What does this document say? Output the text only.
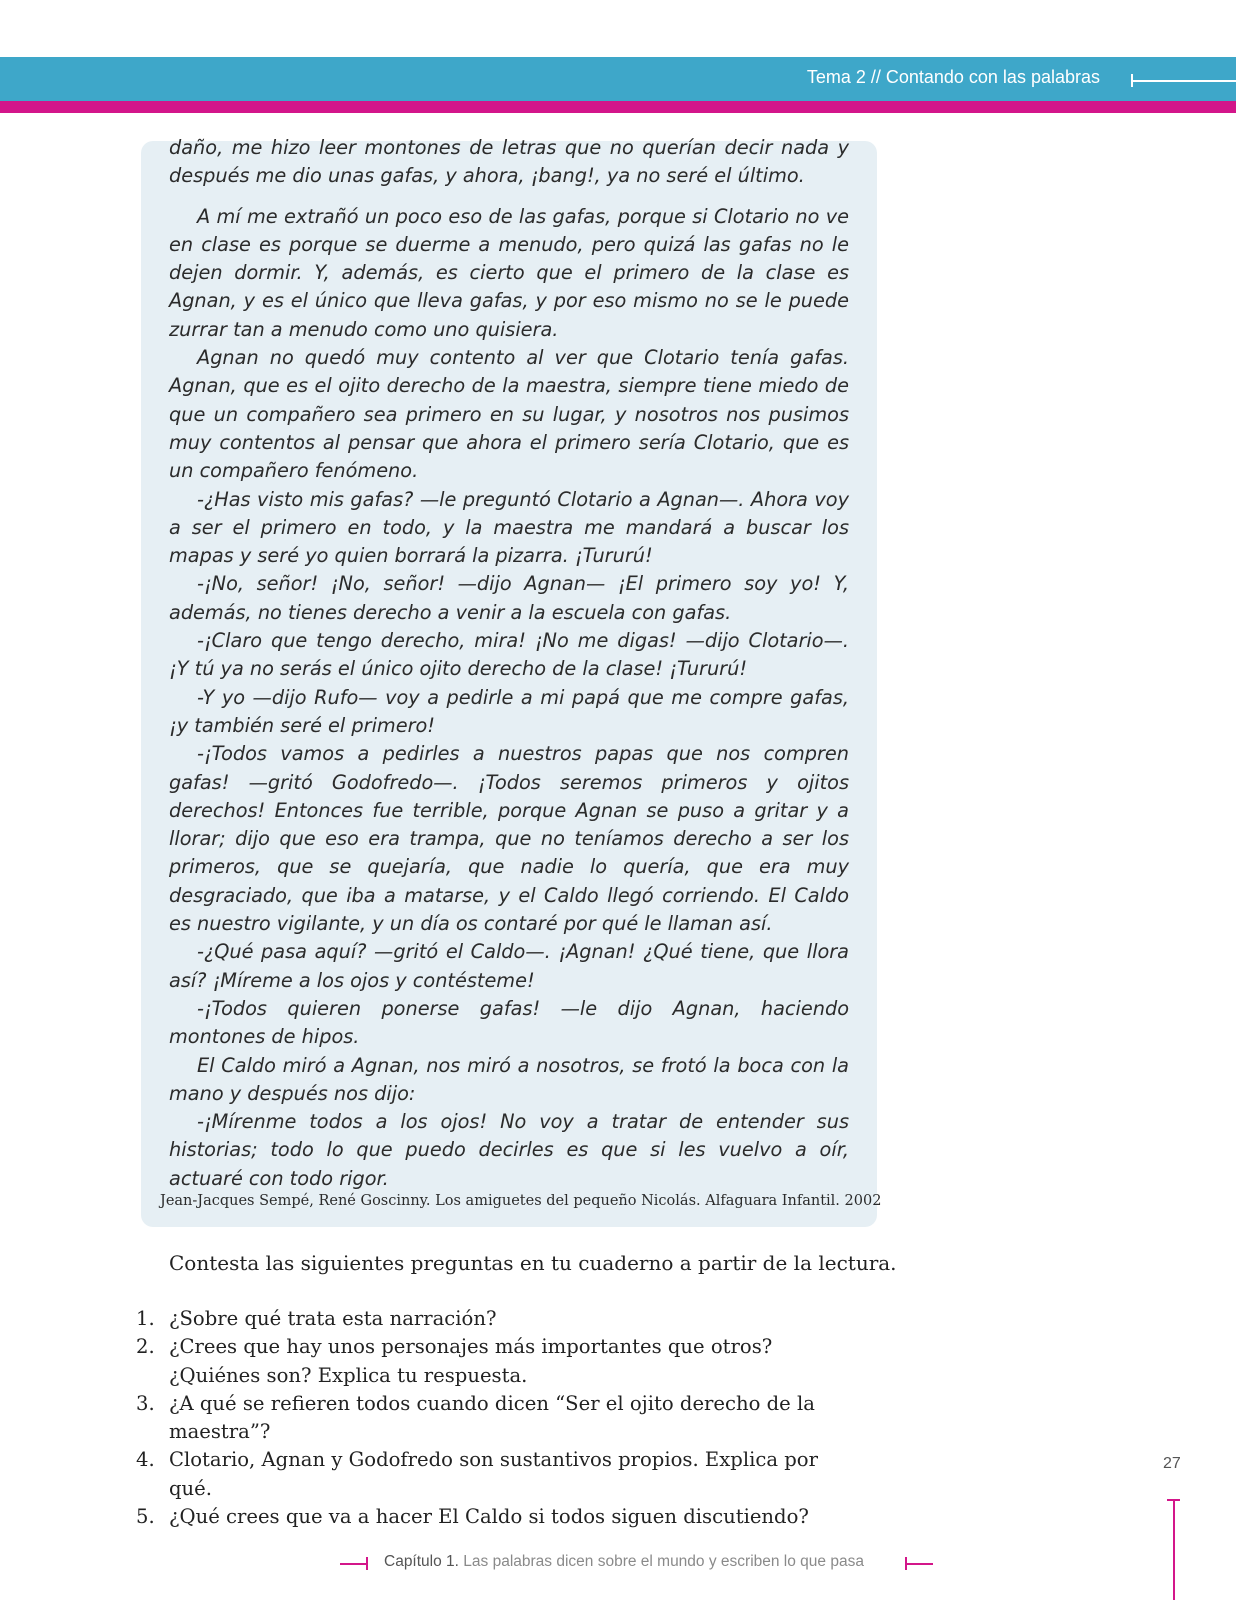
Tema 2 // Contando con las palabras

daño, me hizo leer montones de letras que no querían decir nada y después me dio unas gafas, y ahora, ¡bang!, ya no seré el último.

A mí me extrañó un poco eso de las gafas, porque si Clotario no ve en clase es porque se duerme a menudo, pero quizá las gafas no le dejen dormir. Y, además, es cierto que el primero de la clase es Agnan, y es el único que lleva gafas, y por eso mismo no se le puede zurrar tan a menudo como uno quisiera.

Agnan no quedó muy contento al ver que Clotario tenía gafas. Agnan, que es el ojito derecho de la maestra, siempre tiene miedo de que un compañero sea primero en su lugar, y nosotros nos pusimos muy contentos al pensar que ahora el primero sería Clotario, que es un compañero fenómeno.

-¿Has visto mis gafas? —le preguntó Clotario a Agnan—. Ahora voy a ser el primero en todo, y la maestra me mandará a buscar los mapas y seré yo quien borrará la pizarra. ¡Tururú!

-¡No, señor! ¡No, señor! —dijo Agnan— ¡El primero soy yo! Y, además, no tienes derecho a venir a la escuela con gafas.

-¡Claro que tengo derecho, mira! ¡No me digas! —dijo Clotario—. ¡Y tú ya no serás el único ojito derecho de la clase! ¡Tururú!

-Y yo —dijo Rufo— voy a pedirle a mi papá que me compre gafas, ¡y también seré el primero!

-¡Todos vamos a pedirles a nuestros papas que nos compren gafas! —gritó Godofredo—. ¡Todos seremos primeros y ojitos derechos! Entonces fue terrible, porque Agnan se puso a gritar y a llorar; dijo que eso era trampa, que no teníamos derecho a ser los primeros, que se quejaría, que nadie lo quería, que era muy desgraciado, que iba a matarse, y el Caldo llegó corriendo. El Caldo es nuestro vigilante, y un día os contaré por qué le llaman así.

-¿Qué pasa aquí? —gritó el Caldo—. ¡Agnan! ¿Qué tiene, que llora así? ¡Míreme a los ojos y contésteme!

-¡Todos quieren ponerse gafas! —le dijo Agnan, haciendo montones de hipos.

El Caldo miró a Agnan, nos miró a nosotros, se frotó la boca con la mano y después nos dijo:

-¡Mírenme todos a los ojos! No voy a tratar de entender sus historias; todo lo que puedo decirles es que si les vuelvo a oír, actuaré con todo rigor.

Jean-Jacques Sempé, René Goscinny. Los amiguetes del pequeño Nicolás. Alfaguara Infantil. 2002
Contesta las siguientes preguntas en tu cuaderno a partir de la lectura.
1. ¿Sobre qué trata esta narración?
2. ¿Crees que hay unos personajes más importantes que otros? ¿Quiénes son? Explica tu respuesta.
3. ¿A qué se refieren todos cuando dicen “Ser el ojito derecho de la maestra”?
4. Clotario, Agnan y Godofredo son sustantivos propios. Explica por qué.
5. ¿Qué crees que va a hacer El Caldo si todos siguen discutiendo?
27
Capítulo 1. Las palabras dicen sobre el mundo y escriben lo que pasa
